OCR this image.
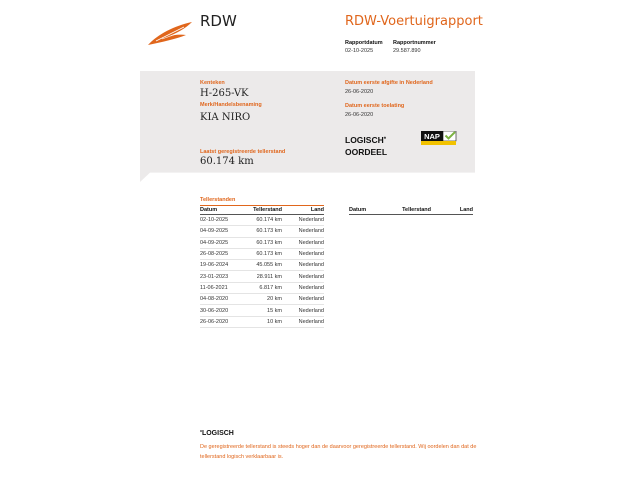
RDW	RDW-Voertuigrapport
Rapportdatum
02-10-2025
Rapportnummer
29.587.890
Kenteken
H-265-VK
Merk/Handelsbenaming
KIA NIRO
Laatst geregistreerde tellerstand
60.174 km
Datum eerste afgifte in Nederland
26-06-2020
Datum eerste toelating
26-06-2020
LOGISCH*
OORDEEL
NAP
Tellerstanden
Datum	Tellerstand	Land
02-10-2025	60.174 km	Nederland
04-09-2025	60.173 km	Nederland
04-09-2025	60.173 km	Nederland
26-08-2025	60.173 km	Nederland
19-06-2024	45.055 km	Nederland
23-01-2023	28.911 km	Nederland
11-06-2021	6.817 km	Nederland
04-08-2020	20 km	Nederland
30-06-2020	15 km	Nederland
26-06-2020	10 km	Nederland
Datum	Tellerstand	Land
*LOGISCH
De geregistreerde tellerstand is steeds hoger dan de daarvoor geregistreerde tellerstand. Wij oordelen dan dat de tellerstand logisch verklaarbaar is.
